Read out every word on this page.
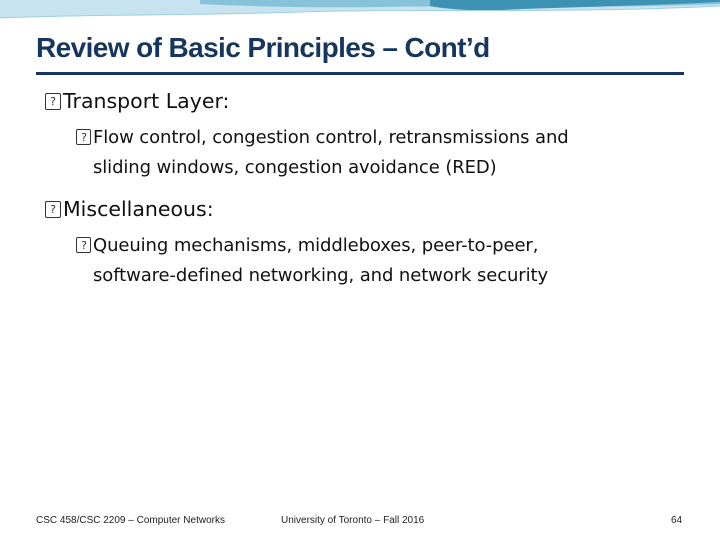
Review of Basic Principles – Cont’d
?Transport Layer:
?Flow control, congestion control, retransmissions and
sliding windows, congestion avoidance (RED)
?Miscellaneous:
?Queuing mechanisms, middleboxes, peer-to-peer,
software-defined networking, and network security
CSC 458/CSC 2209 – Computer Networks	University of Toronto – Fall 2016	64
